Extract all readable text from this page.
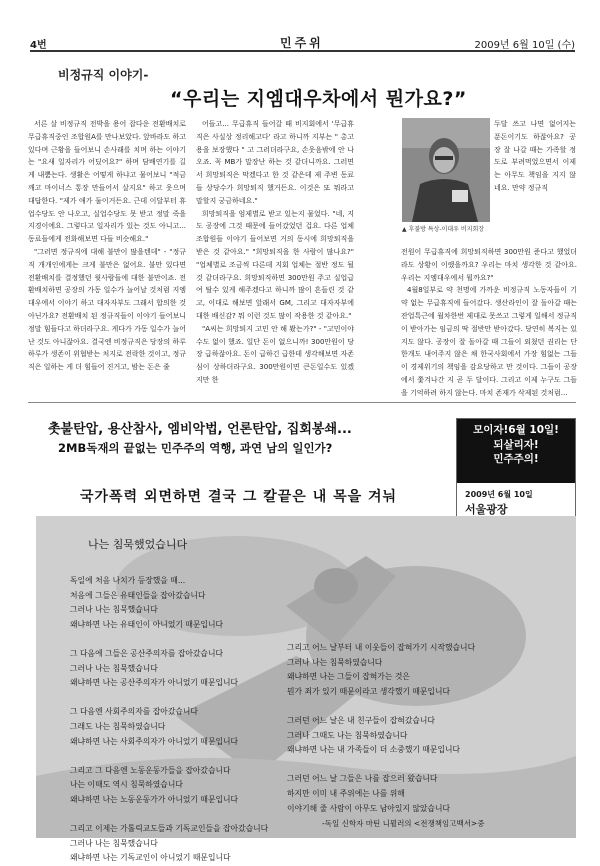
4번	민주위	2009년 6월 10일 (수)
비정규직 이야기-
“우리는 지엠대우차에서 뭔가요?”

서른 살 비정규직 전박을 용어 잡다운 전환배치로 무급휴직중인 조합원A를 만나보았다. 앞바라도 하고 있다며 근황을 들어보니 손사래를 치며 하는 이야기는 "요새 일자리가 어딨어요?" 하며 담배연기를 길게 내뿜는다. 생활은 어떻게 하냐고 물어보니 "적금 깨고 마이너스 통장 만들어서 살지요" 하고 웃으며 대답한다. "제가 애가 둘이거든요. 근데 이달부터 휴업수당도 안 나오고, 실업수당도 못 받고 정말 죽을 지경이에요. 그렇다고 일자리가 있는 것도 아니고...동료들에게 전화해보면 다들 비슷해요."

"그러면 정규직에 대해 불만이 많을텐데" - "정규직 개개인에게는 크게 불만은 없어요. 불만 있다면 전환배치를 결정했던 윗사람들에 대한 불만이죠. 전환배치하면 공장의 가동 일수가 늘어날 것처럼 지엠대우에서 이야기 하고 대자자부도 그래서 합의한 것 아닌가요? 전환배치 된 정규직들이 이야기 들어보니 정말 힘들다고 하더라구요. 게다가 가동 일수가 늘어난 것도 아니잖아요. 결국엔 비정규직은 당장의 하루하루가 생존이 위협받는 처지로 전락한 것이고, 정규직은 일하는 게 더 힘들어 진거고, 밤는 돈은 줄

어들고... 무급휴직 들어갈 때 비지회에서 '무급휴직은 사실상 정리해고다' 라고 하니까 지부는 " 총고용을 보장했다 " 고 그러더라구요, 손웃음밖에 안 나오죠. 꼭 MB가 말장난 하는 것 같더니까요. 그러면서 희망퇴직은 막겠다고 한 것 같은데 제 주변 동료들 상당수가 희망퇴직 했거든요. 이것은 또 뭐라고 말할지 궁금하네요."

희망퇴직을 엄제별로 받고 있는지 물었다. "네, 지도 공장에 그것 때문에 들어갔었던 겁요. 다른 업체 조합원들 이야기 들어보면 거의 동시에 희망퇴직을 받은 것 같아요." "희망퇴직을 한 사람이 많나요?" "업체별로 조금씩 다른데 지회 업체는 절반 정도 될 것 같더라구요. 희망퇴직하면 300만원 주고 실업급여 탈수 있게 해주겠다고 하니까 많이 흔들린 것 같고, 이대로 해보면 앞래서 GM, 그리고 대자자부에 대한 배신감? 뭐 이런 것도 많이 작용한 것 같아요."

"A씨는 희망퇴지 고민 안 해 봤는가?" - "고민이야 수도 없이 했죠. 일단 돈이 없으니까! 300만원이 당장 급하잖아요. 돈이 급하긴 급한데 생각해보면 자존심이 상하더라구요. 300만원이면 큰돈일수도 있겠지만 한

▲ 후불방 특상-이대우 비지회장

두달 쓰고 나면 없어지는 푼돈이기도 하잖아요? 공장 잘 나갈 때는 가족할 정도로 부려먹었으면서 이제는 아무도 책임을 지지 않네요. 만약 정규직

전원이 무급휴직에 희망퇴직하면 300만원 준다고 했었더라도 상황이 이랬을까요? 우리는 마치 생각한 것 같아요. 우리는 지엠대우에서 뭘까요?"

4월8일부로 약 천명에 가까운 비정규직 노동자들이 기약 없는 무급휴직에 들어갔다. 생산라인이 잘 돌아갈 때는 잔업특근에 월차한번 제대로 못쓰고 그렇게 일해서 정규직이 받아가는 임금의 딱 절반만 받아갔다. 당연히 복지는 있지도 않다. 공장이 잘 돌아갈 때 그들이 외쳤던 권리는 단 한개도 내어주지 않은 채 한국사회에서 가장 힘없는 그들이 경제위기의 책임을 감요당하고 만 것이다. 그들이 공장에서 쫓겨나간 지 곧 두 달이다. 그리고 이제 누구도 그들을 기억하려 하지 않는다. 마치 존재가 삭제된 것처럼...

촛불탄압, 용산참사, 엠비악법, 언론탄압, 집회봉쇄...
2MB독재의 끝없는 민주주의 역행, 과연 남의 일인가?
국가폭력 외면하면 결국 그 칼끝은 내 목을 겨눠
모이자!6월 10일!
되살리자!
민주주의!
2009년 6월 10일
서울광장
나는 침묵했었습니다
독일에 처음 나치가 등장했을 때...
처음에 그들은 유태인들을 잡아갔습니다
그러나 나는 침묵했습니다
왜냐하면 나는 유태인이 아니었기 때문입니다
그 다음에 그들은 공산주의자를 잡아갔습니다
그러나 나는 침묵했습니다
왜냐하면 나는 공산주의자가 아니었기 때문입니다
그 다음엔 사회주의자를 잡아갔습니다
그래도 나는 침묵하였습니다
왜냐하면 나는 사회주의자가 아니었기 때문입니다
그리고 그 다음엔 노동운동가들을 잡아갔습니다
나는 이때도 역시 침묵하였습니다
왜냐하면 나는 노동운동가가 아니었기 때문입니다
그리고 이제는 가톨릭교도들과 기독교인들을 잡아갔습니다
그러나 나는 침묵했습니다
왜냐하면 나는 기독교인이 아니었기 때문입니다
그리고 어느 날부터 내 이웃들이 잡혀가기 시작했습니다
그러나 나는 침묵하였습니다
왜냐하면 나는 그들이 잡혀가는 것은
뭔가 죄가 있기 때문이라고 생각했기 때문입니다
그러던 어느 날은 내 친구들이 잡혀갔습니다
그러나 그때도 나는 침묵하였습니다
왜냐하면 나는 내 가족들이 더 소중했기 때문입니다
그러던 어느 날 그들은 나를 잡으러 왔습니다
하지만 이미 내 주위에는 나를 위해
이야기해 줄 사람이 아무도 남아있지 않았습니다
-독일 신학자 마틴 니뮐러의 <전쟁책임고백서>중
